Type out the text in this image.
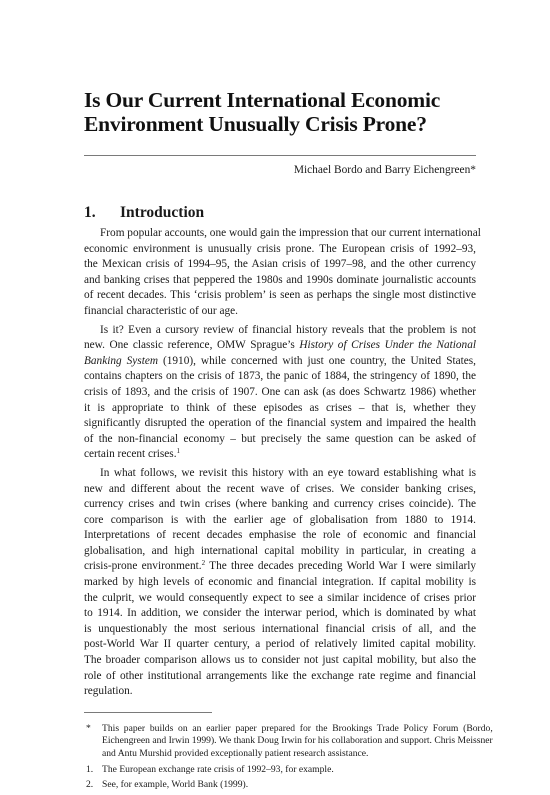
Is Our Current International Economic
Environment Unusually Crisis Prone?
Michael Bordo and Barry Eichengreen*
1.	Introduction

From popular accounts, one would gain the impression that our current international
economic environment is unusually crisis prone. The European crisis of 1992–93,
the Mexican crisis of 1994–95, the Asian crisis of 1997–98, and the other currency
and banking crises that peppered the 1980s and 1990s dominate journalistic accounts
of recent decades. This ‘crisis problem’ is seen as perhaps the single most distinctive
financial characteristic of our age.

Is it? Even a cursory review of financial history reveals that the problem is not
new. One classic reference, OMW Sprague’s History of Crises Under the National
Banking System (1910), while concerned with just one country, the United States,
contains chapters on the crisis of 1873, the panic of 1884, the stringency of 1890, the
crisis of 1893, and the crisis of 1907. One can ask (as does Schwartz 1986) whether
it is appropriate to think of these episodes as crises – that is, whether they
significantly disrupted the operation of the financial system and impaired the health
of the non-financial economy – but precisely the same question can be asked of
certain recent crises.$^1$

In what follows, we revisit this history with an eye toward establishing what is
new and different about the recent wave of crises. We consider banking crises,
currency crises and twin crises (where banking and currency crises coincide). The
core comparison is with the earlier age of globalisation from 1880 to 1914.
Interpretations of recent decades emphasise the role of economic and financial
globalisation, and high international capital mobility in particular, in creating a
crisis-prone environment.$^2$ The three decades preceding World War I were similarly
marked by high levels of economic and financial integration. If capital mobility is
the culprit, we would consequently expect to see a similar incidence of crises prior
to 1914. In addition, we consider the interwar period, which is dominated by what
is unquestionably the most serious international financial crisis of all, and the
post-World War II quarter century, a period of relatively limited capital mobility.
The broader comparison allows us to consider not just capital mobility, but also the
role of other institutional arrangements like the exchange rate regime and financial
regulation.

*	This paper builds on an earlier paper prepared for the Brookings Trade Policy Forum (Bordo,
Eichengreen and Irwin 1999). We thank Doug Irwin for his collaboration and support. Chris Meissner
and Antu Murshid provided exceptionally patient research assistance.
1. The European exchange rate crisis of 1992–93, for example.
2. See, for example, World Bank (1999).
